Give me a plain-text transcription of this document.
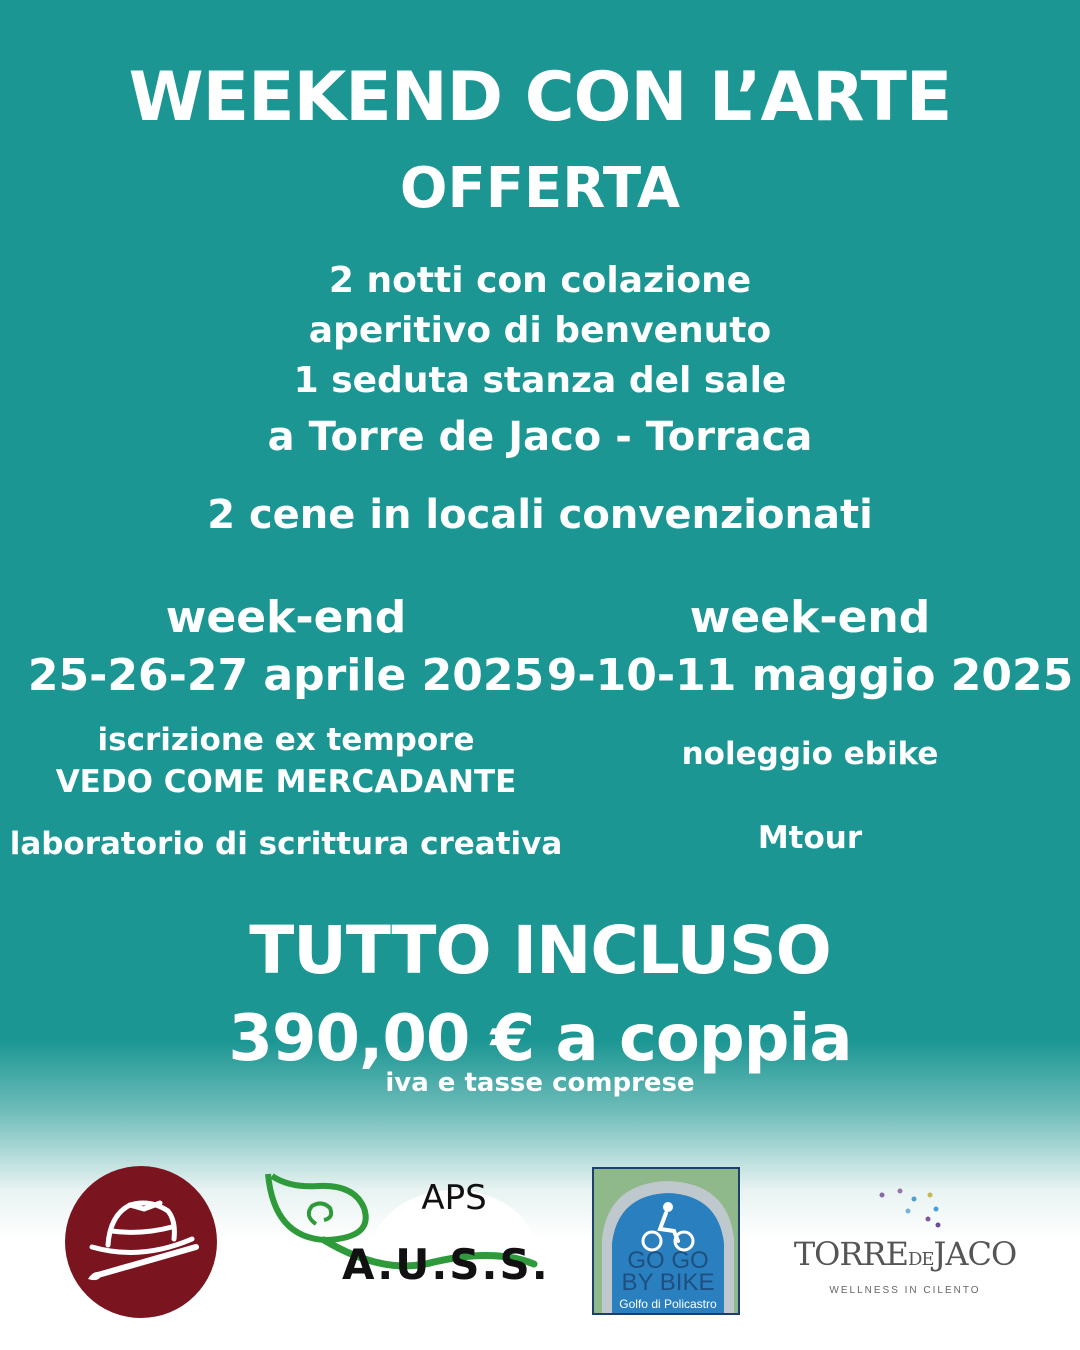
WEEKEND CON L’ARTE
OFFERTA
2 notti con colazione
aperitivo di benvenuto
1 seduta stanza del sale
a Torre de Jaco - Torraca
2 cene in locali convenzionati
week-end
25-26-27 aprile 2025
iscrizione ex tempore
VEDO COME MERCADANTE
laboratorio di scrittura creativa
week-end
9-10-11 maggio 2025
noleggio ebike
Mtour
TUTTO INCLUSO
390,00 € a coppia
iva e tasse comprese
APS
A.U.S.S.	GO GO
BY BIKE
Golfo di Policastro
TORREDEJACO
WELLNESS IN CILENTO
